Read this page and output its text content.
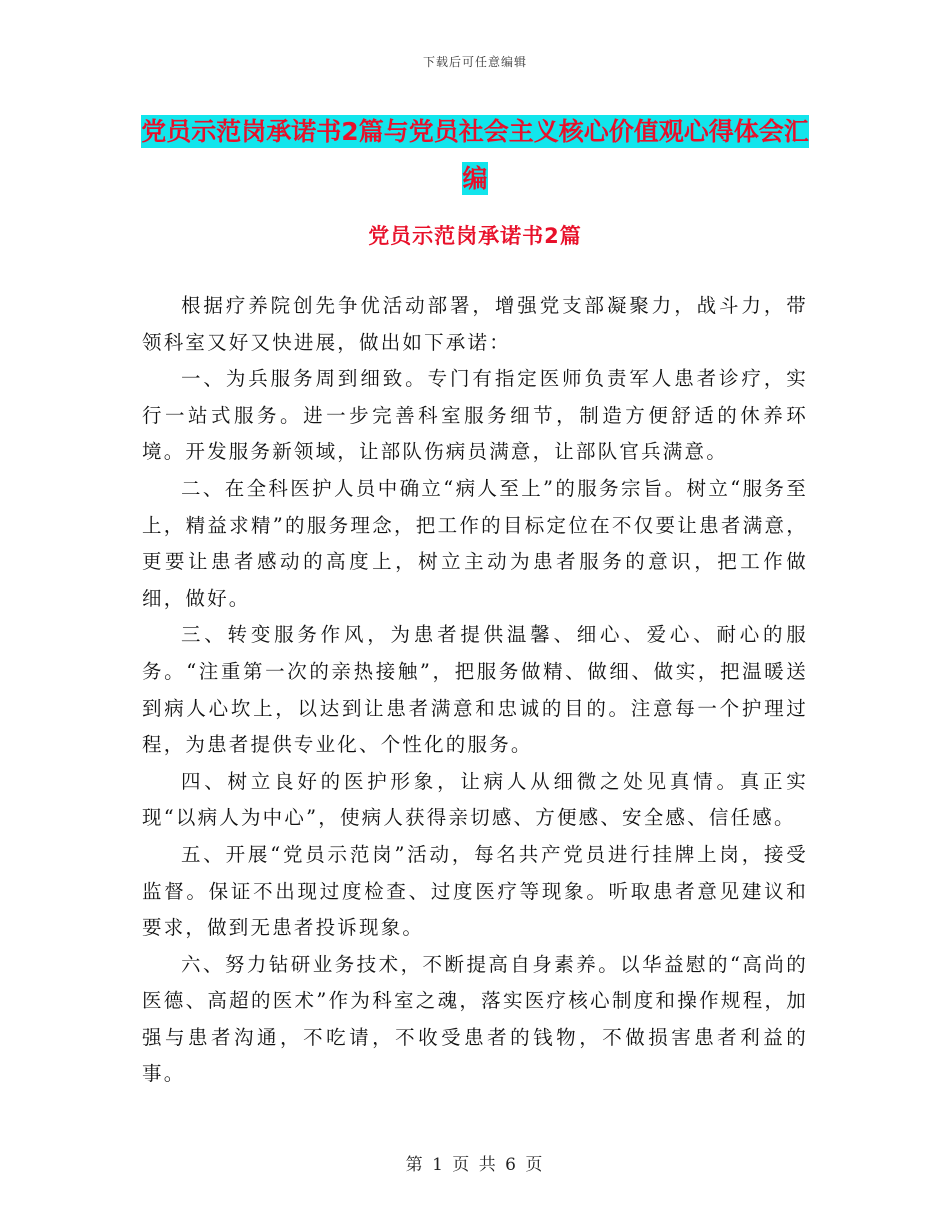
下载后可任意编辑
党员示范岗承诺书2篇与党员社会主义核心价值观心得体会汇编
党员示范岗承诺书2篇

根据疗养院创先争优活动部署，增强党支部凝聚力，战斗力，带领科室又好又快进展，做出如下承诺：

一、为兵服务周到细致。专门有指定医师负责军人患者诊疗，实行一站式服务。进一步完善科室服务细节，制造方便舒适的休养环境。开发服务新领域，让部队伤病员满意，让部队官兵满意。

二、在全科医护人员中确立“病人至上”的服务宗旨。树立“服务至上，精益求精”的服务理念，把工作的目标定位在不仅要让患者满意，更要让患者感动的高度上，树立主动为患者服务的意识，把工作做细，做好。

三、转变服务作风，为患者提供温馨、细心、爱心、耐心的服务。“注重第一次的亲热接触”，把服务做精、做细、做实，把温暖送到病人心坎上，以达到让患者满意和忠诚的目的。注意每一个护理过程，为患者提供专业化、个性化的服务。

四、树立良好的医护形象，让病人从细微之处见真情。真正实现“以病人为中心”，使病人获得亲切感、方便感、安全感、信任感。

五、开展“党员示范岗”活动，每名共产党员进行挂牌上岗，接受监督。保证不出现过度检查、过度医疗等现象。听取患者意见建议和要求，做到无患者投诉现象。

六、努力钻研业务技术，不断提高自身素养。以华益慰的“高尚的医德、高超的医术”作为科室之魂，落实医疗核心制度和操作规程，加强与患者沟通，不吃请，不收受患者的钱物，不做损害患者利益的事。

第 1 页 共 6 页
